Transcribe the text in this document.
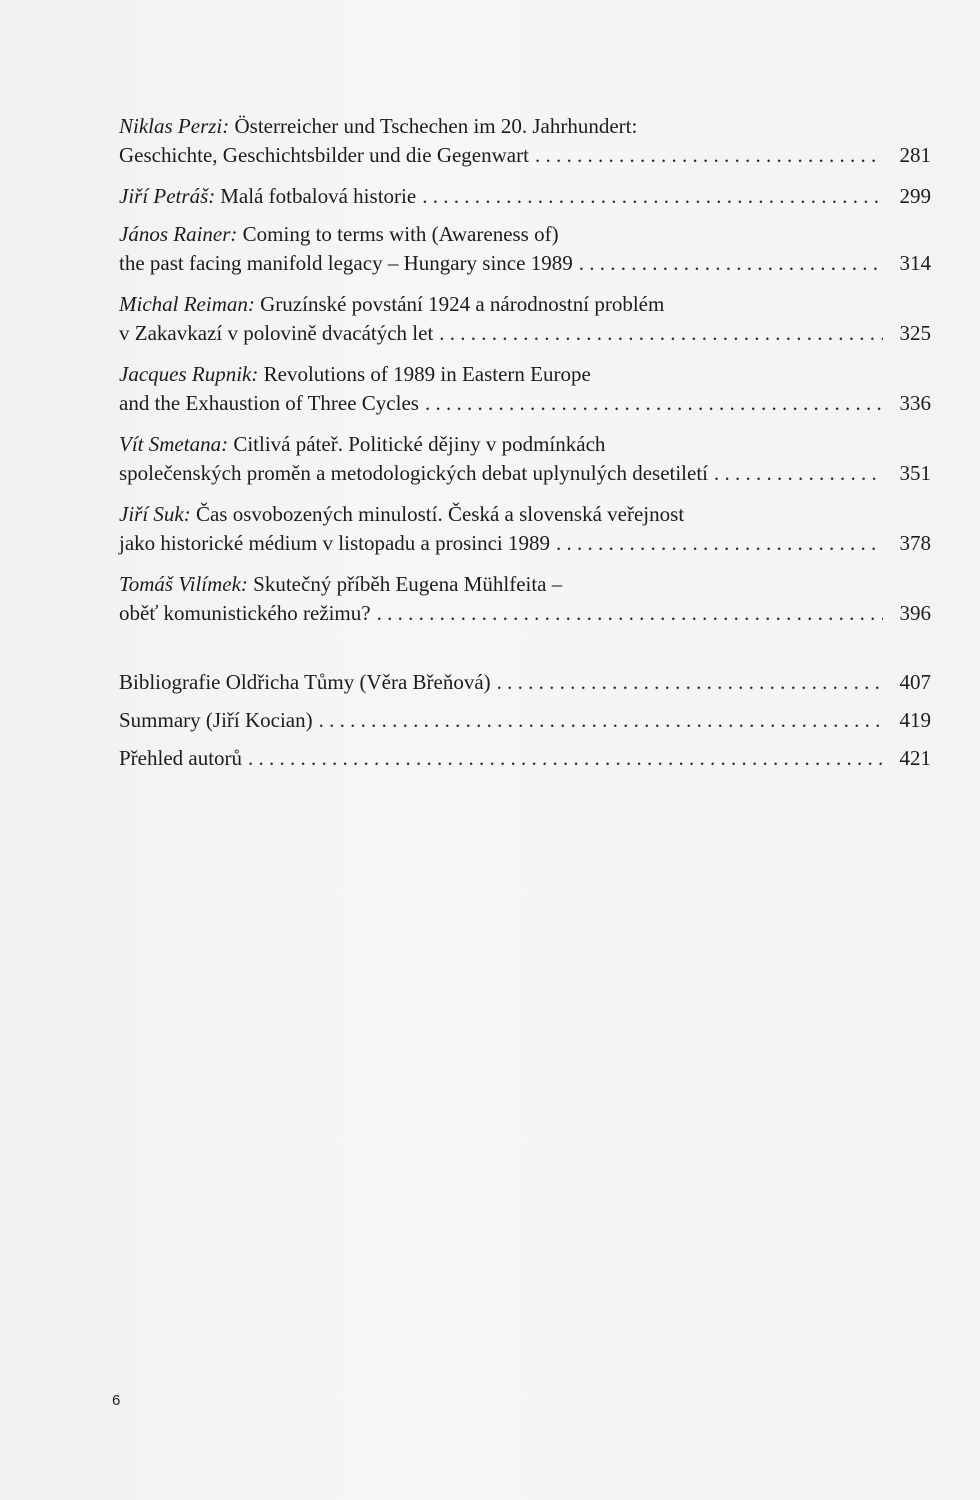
Niklas Perzi: Österreicher und Tschechen im 20. Jahrhundert:
Geschichte, Geschichtsbilder und die Gegenwart . . .	281
Jiří Petráš: Malá fotbalová historie . . .	299
János Rainer: Coming to terms with (Awareness of)
the past facing manifold legacy – Hungary since 1989 . . .	314
Michal Reiman: Gruzínské povstání 1924 a národnostní problém
v Zakavkazí v polovině dvacátých let . . .	325
Jacques Rupnik: Revolutions of 1989 in Eastern Europe
and the Exhaustion of Three Cycles . . .	336
Vít Smetana: Citlivá páteř. Politické dějiny v podmínkách
společenských proměn a metodologických debat uplynulých desetiletí . . .	351
Jiří Suk: Čas osvobozených minulostí. Česká a slovenská veřejnost
jako historické médium v listopadu a prosinci 1989 . . .	378
Tomáš Vilímek: Skutečný příběh Eugena Mühlfeita –
oběť komunistického režimu? . . .	396
Bibliografie Oldřicha Tůmy (Věra Břeňová) . . .	407
Summary (Jiří Kocian) . . .	419
Přehled autorů . . .	421
6
